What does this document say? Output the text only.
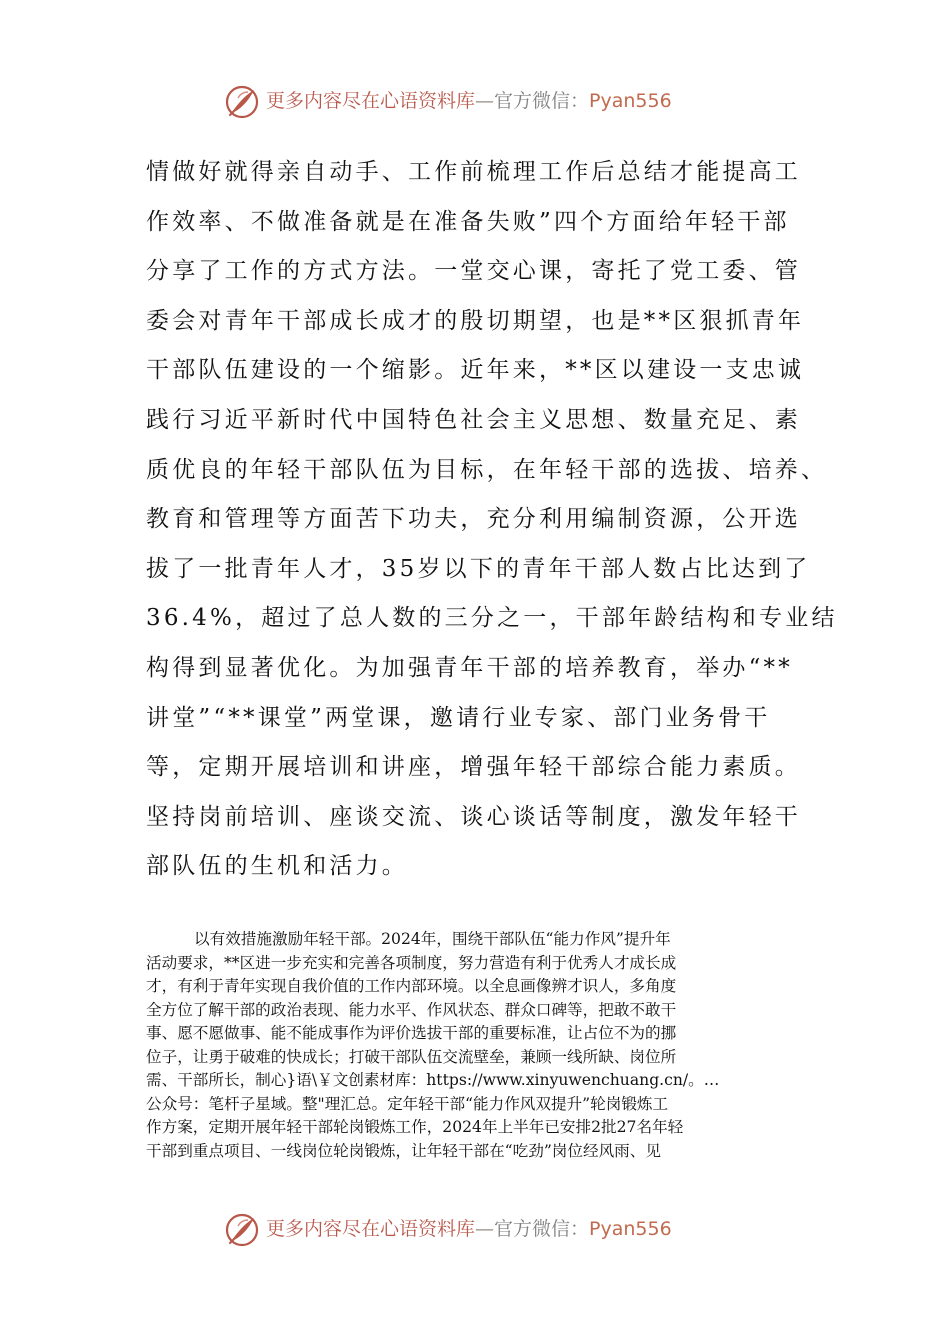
更多内容尽在心语资料库—官方微信：Pyan556
情做好就得亲自动手、工作前梳理工作后总结才能提高工
作效率、不做准备就是在准备失败”四个方面给年轻干部
分享了工作的方式方法。一堂交心课，寄托了党工委、管
委会对青年干部成长成才的殷切期望，也是**区狠抓青年
干部队伍建设的一个缩影。近年来，**区以建设一支忠诚
践行习近平新时代中国特色社会主义思想、数量充足、素
质优良的年轻干部队伍为目标，在年轻干部的选拔、培养、
教育和管理等方面苦下功夫，充分利用编制资源，公开选
拔了一批青年人才，35岁以下的青年干部人数占比达到了
36.4%，超过了总人数的三分之一，干部年龄结构和专业结
构得到显著优化。为加强青年干部的培养教育，举办“**
讲堂”“**课堂”两堂课，邀请行业专家、部门业务骨干
等，定期开展培训和讲座，增强年轻干部综合能力素质。
坚持岗前培训、座谈交流、谈心谈话等制度，激发年轻干
部队伍的生机和活力。
以有效措施激励年轻干部。2024年，围绕干部队伍“能力作风”提升年
活动要求，**区进一步充实和完善各项制度，努力营造有利于优秀人才成长成
才，有利于青年实现自我价值的工作内部环境。以全息画像辨才识人，多角度
全方位了解干部的政治表现、能力水平、作风状态、群众口碑等，把敢不敢干
事、愿不愿做事、能不能成事作为评价选拔干部的重要标准，让占位不为的挪
位子，让勇于破难的快成长；打破干部队伍交流壁垒，兼顾一线所缺、岗位所
需、干部所长，制心}语\￥文创素材库：https://www.xinyuwenchuang.cn/。…
公众号：笔杆子星域。整"理汇总。定年轻干部“能力作风双提升”轮岗锻炼工
作方案，定期开展年轻干部轮岗锻炼工作，2024年上半年已安排2批27名年轻
干部到重点项目、一线岗位轮岗锻炼，让年轻干部在“吃劲”岗位经风雨、见
更多内容尽在心语资料库—官方微信：Pyan556
